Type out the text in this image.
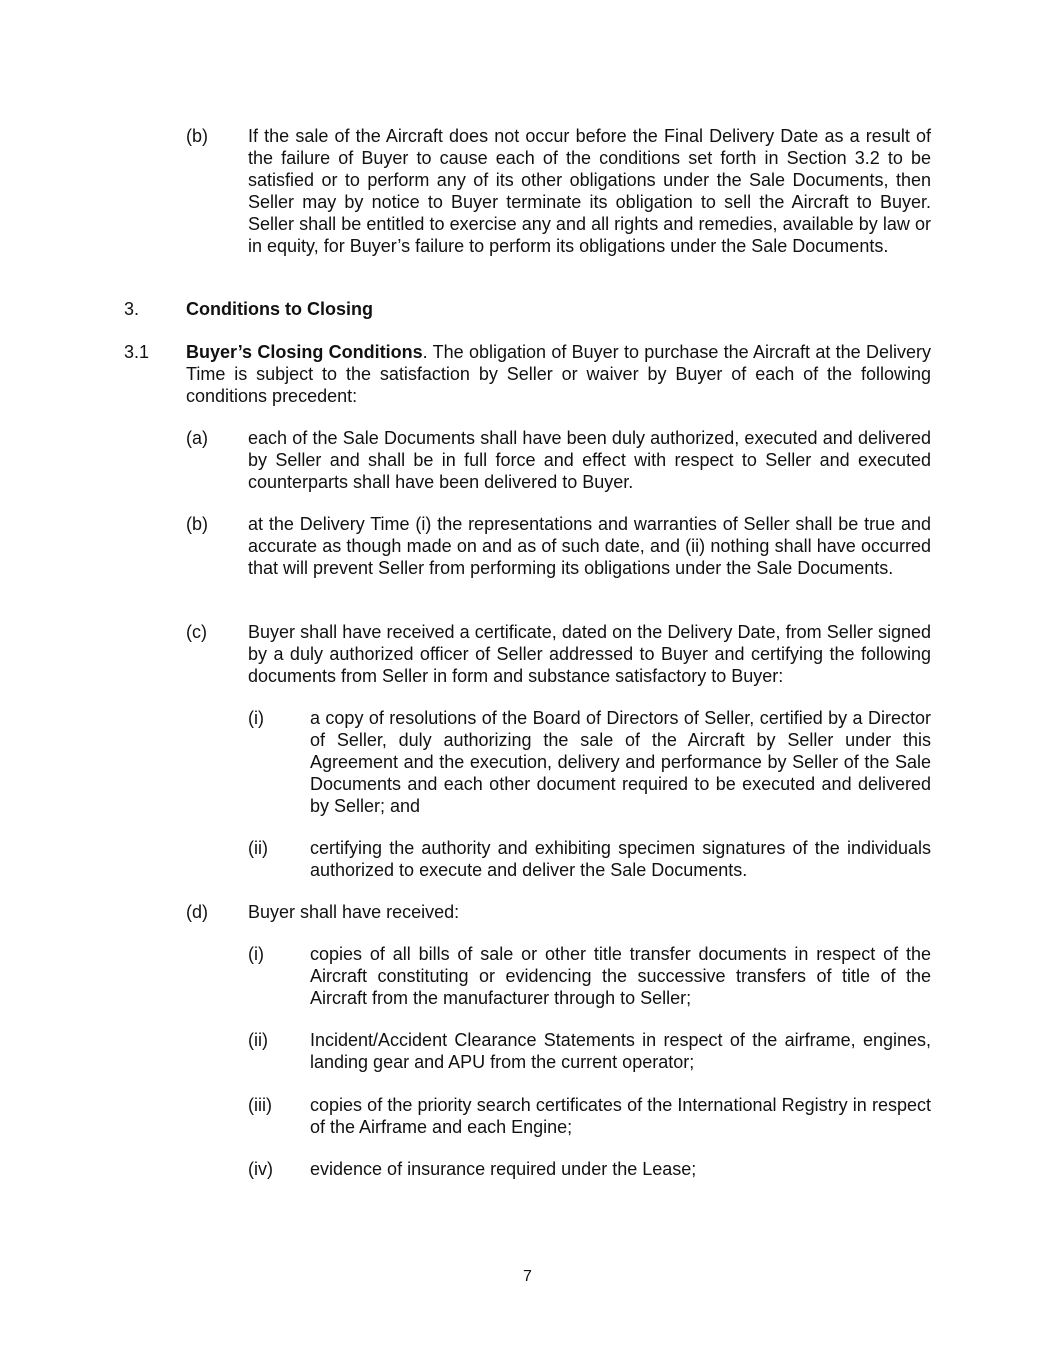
(b)	If the sale of the Aircraft does not occur before the Final Delivery Date as a result of the failure of Buyer to cause each of the conditions set forth in Section 3.2 to be satisfied or to perform any of its other obligations under the Sale Documents, then Seller may by notice to Buyer terminate its obligation to sell the Aircraft to Buyer. Seller shall be entitled to exercise any and all rights and remedies, available by law or in equity, for Buyer’s failure to perform its obligations under the Sale Documents.
3.	Conditions to Closing
3.1	Buyer’s Closing Conditions. The obligation of Buyer to purchase the Aircraft at the Delivery Time is subject to the satisfaction by Seller or waiver by Buyer of each of the following conditions precedent:
(a)	each of the Sale Documents shall have been duly authorized, executed and delivered by Seller and shall be in full force and effect with respect to Seller and executed counterparts shall have been delivered to Buyer.
(b)	at the Delivery Time (i) the representations and warranties of Seller shall be true and accurate as though made on and as of such date, and (ii) nothing shall have occurred that will prevent Seller from performing its obligations under the Sale Documents.
(c)	Buyer shall have received a certificate, dated on the Delivery Date, from Seller signed by a duly authorized officer of Seller addressed to Buyer and certifying the following documents from Seller in form and substance satisfactory to Buyer:
(i)	a copy of resolutions of the Board of Directors of Seller, certified by a Director of Seller, duly authorizing the sale of the Aircraft by Seller under this Agreement and the execution, delivery and performance by Seller of the Sale Documents and each other document required to be executed and delivered by Seller; and
(ii)	certifying the authority and exhibiting specimen signatures of the individuals authorized to execute and deliver the Sale Documents.
(d)	Buyer shall have received:
(i)	copies of all bills of sale or other title transfer documents in respect of the Aircraft constituting or evidencing the successive transfers of title of the Aircraft from the manufacturer through to Seller;
(ii)	Incident/Accident Clearance Statements in respect of the airframe, engines, landing gear and APU from the current operator;
(iii)	copies of the priority search certificates of the International Registry in respect of the Airframe and each Engine;
(iv)	evidence of insurance required under the Lease;
7
